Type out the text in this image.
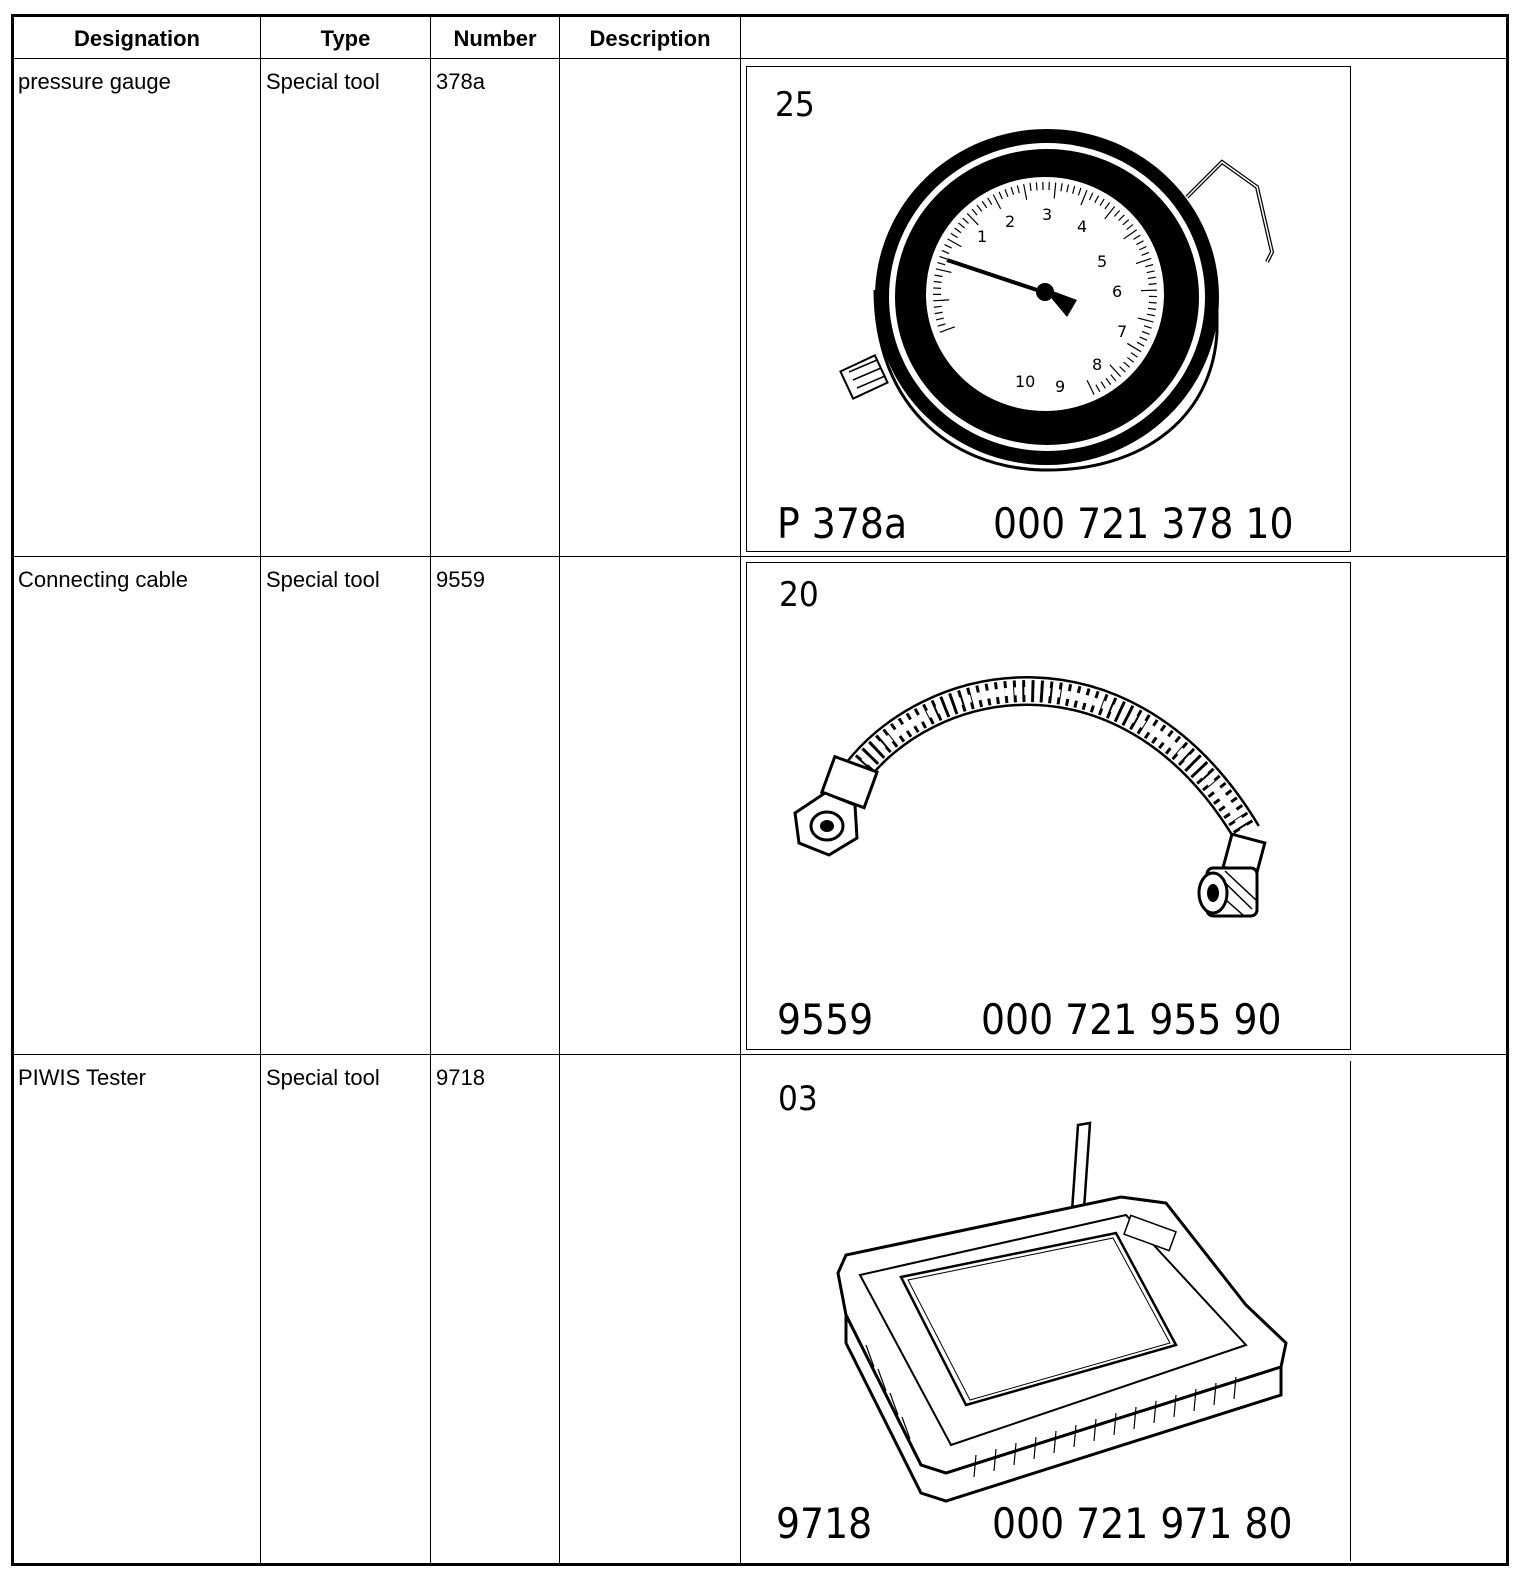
Designation	Type	Number	Description
pressure gauge	Special tool	378a
Connecting cable	Special tool	9559
PIWIS Tester	Special tool	9718
25
2 3
4
5
6
7
8
9
10
1
P 378a 000 721 378 10
20
9559	000 721 955 90
03
9718	000 721 971 80
